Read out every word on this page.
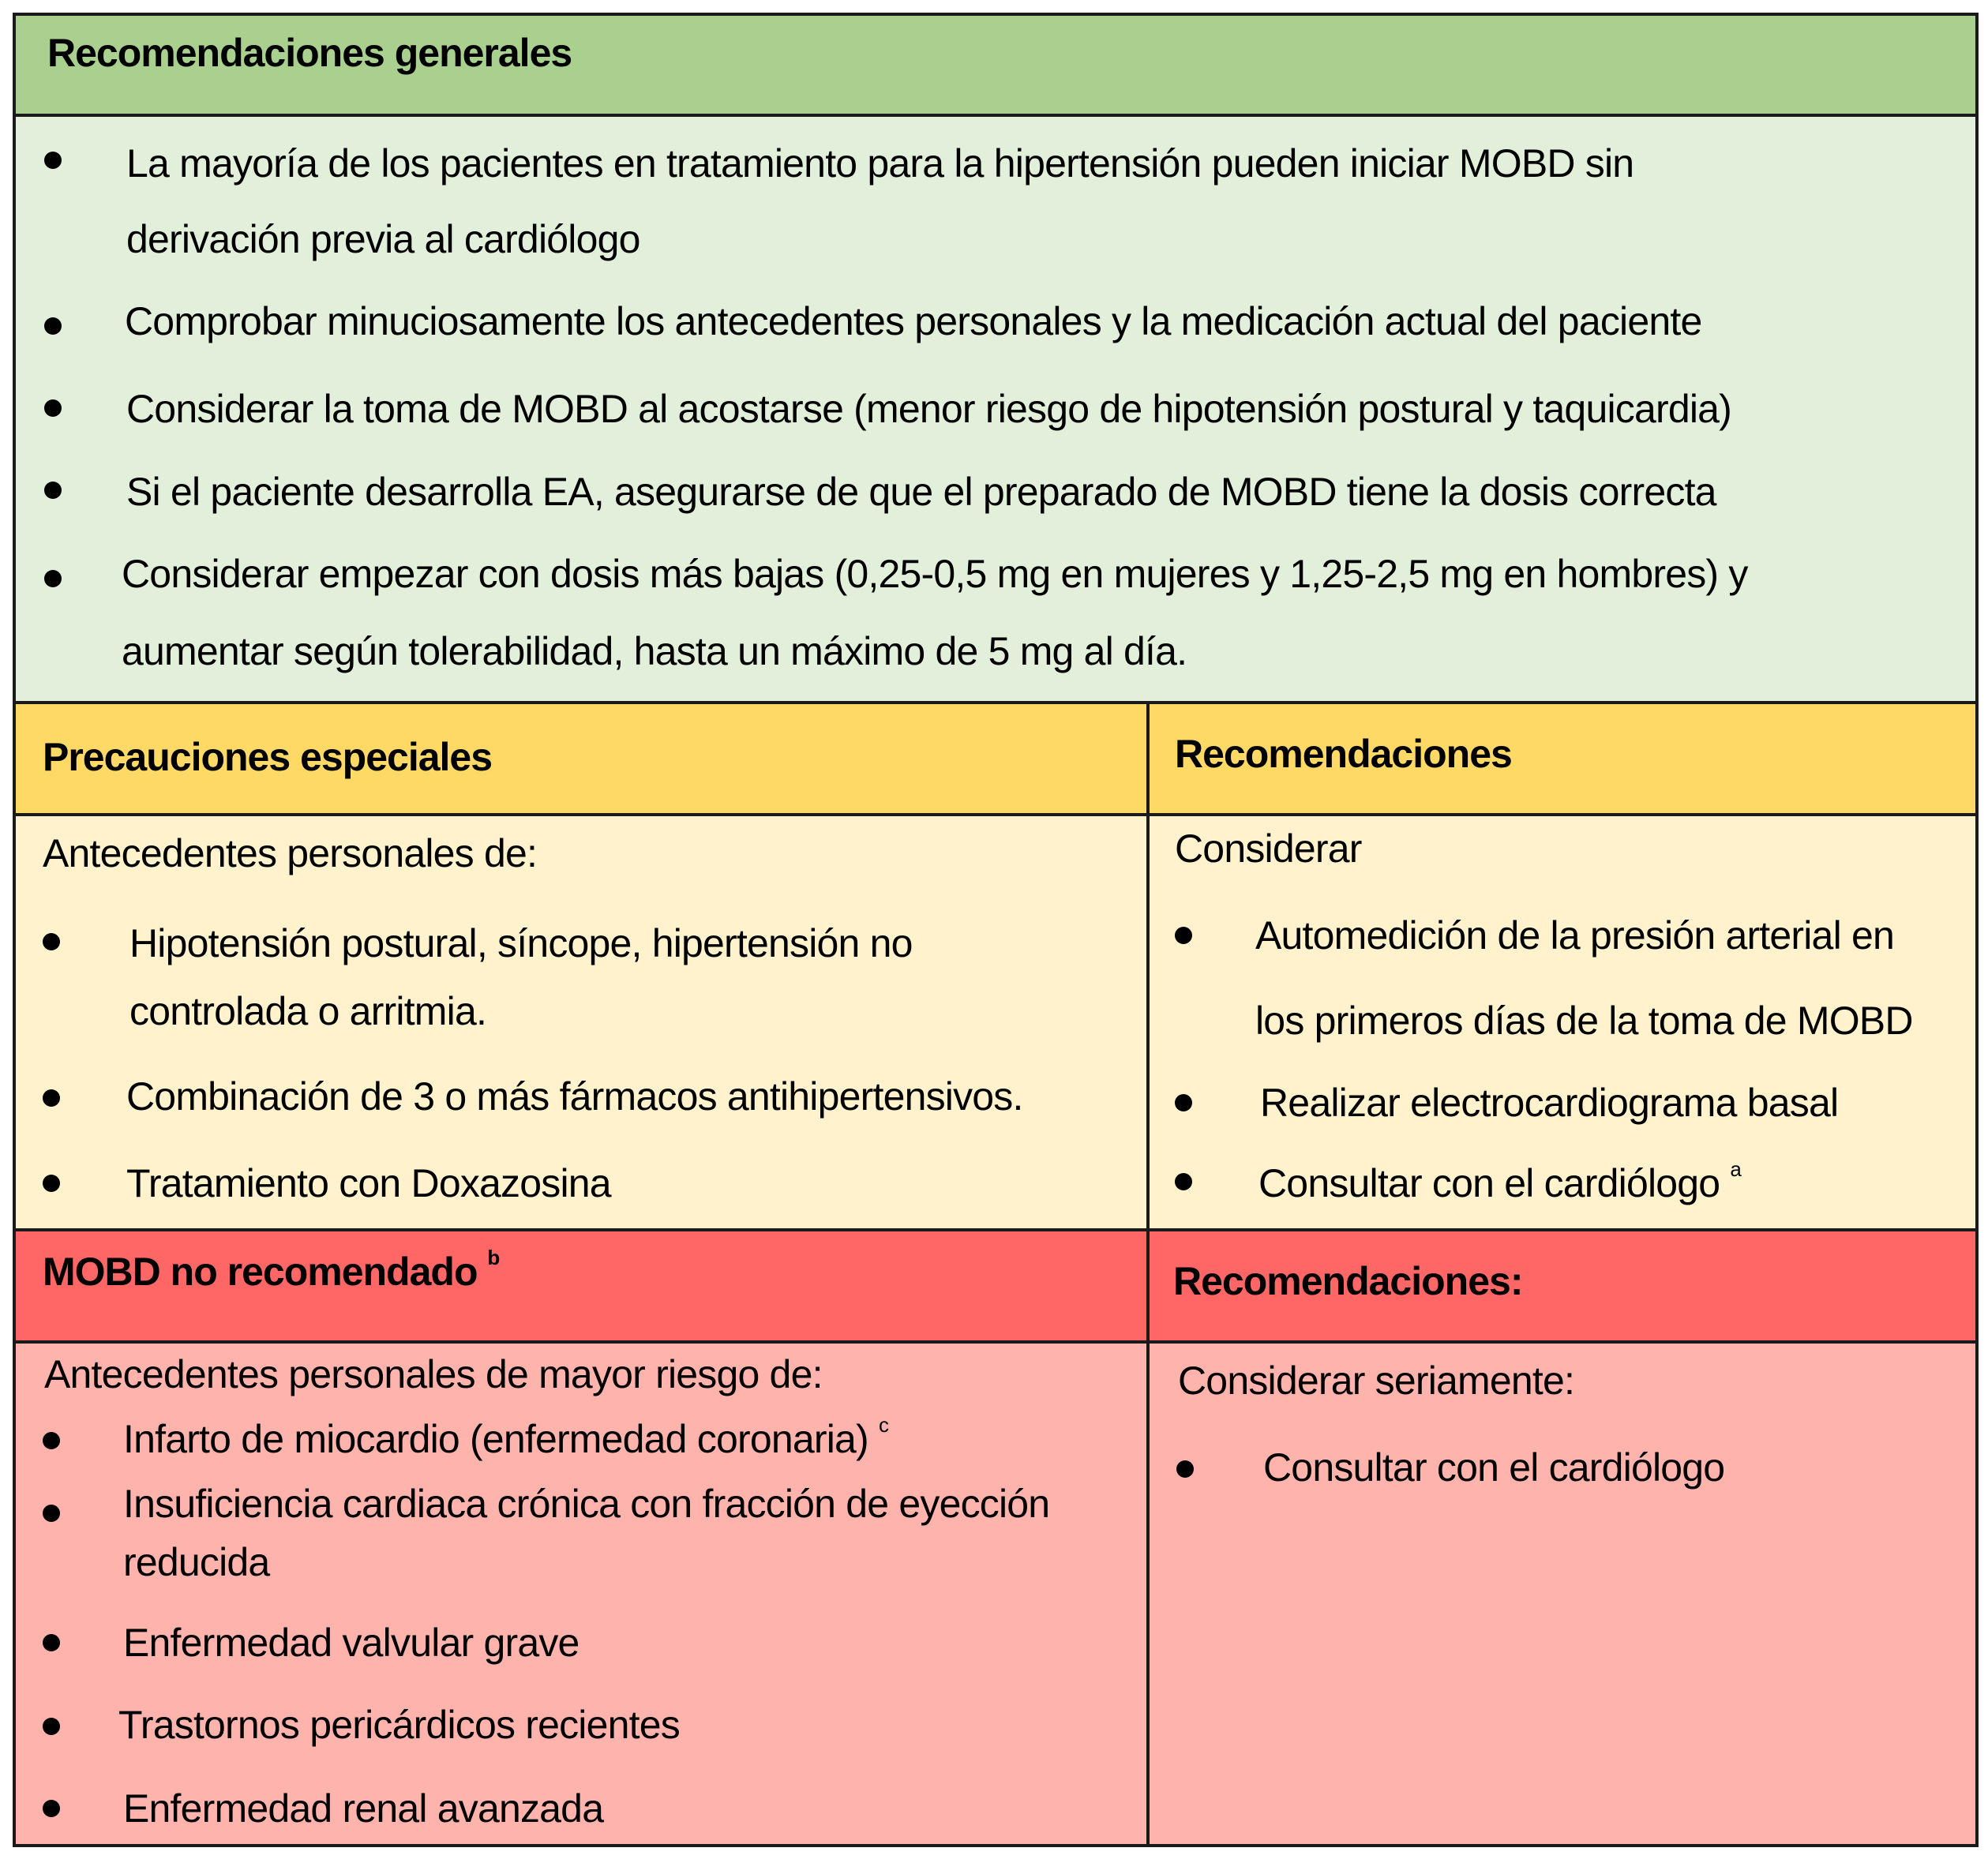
Recomendaciones generales
La mayoría de los pacientes en tratamiento para la hipertensión pueden iniciar MOBD sin
derivación previa al cardiólogo
Comprobar minuciosamente los antecedentes personales y la medicación actual del paciente
Considerar la toma de MOBD al acostarse (menor riesgo de hipotensión postural y taquicardia)
Si el paciente desarrolla EA, asegurarse de que el preparado de MOBD tiene la dosis correcta
Considerar empezar con dosis más bajas (0,25-0,5 mg en mujeres y 1,25-2,5 mg en hombres) y
aumentar según tolerabilidad, hasta un máximo de 5 mg al día.
Precauciones especiales	Recomendaciones
Antecedentes personales de:
Hipotensión postural, síncope, hipertensión no
controlada o arritmia.
Combinación de 3 o más fármacos antihipertensivos.
Tratamiento con Doxazosina
Considerar
Automedición de la presión arterial en
los primeros días de la toma de MOBD
Realizar electrocardiograma basal
Consultar con el cardiólogo $^a$
MOBD no recomendado $^b$
Recomendaciones:
Antecedentes personales de mayor riesgo de:
Infarto de miocardio (enfermedad coronaria) $^c$
Insuficiencia cardiaca crónica con fracción de eyección
reducida
Enfermedad valvular grave
Trastornos pericárdicos recientes
Enfermedad renal avanzada
Considerar seriamente:
Consultar con el cardiólogo
